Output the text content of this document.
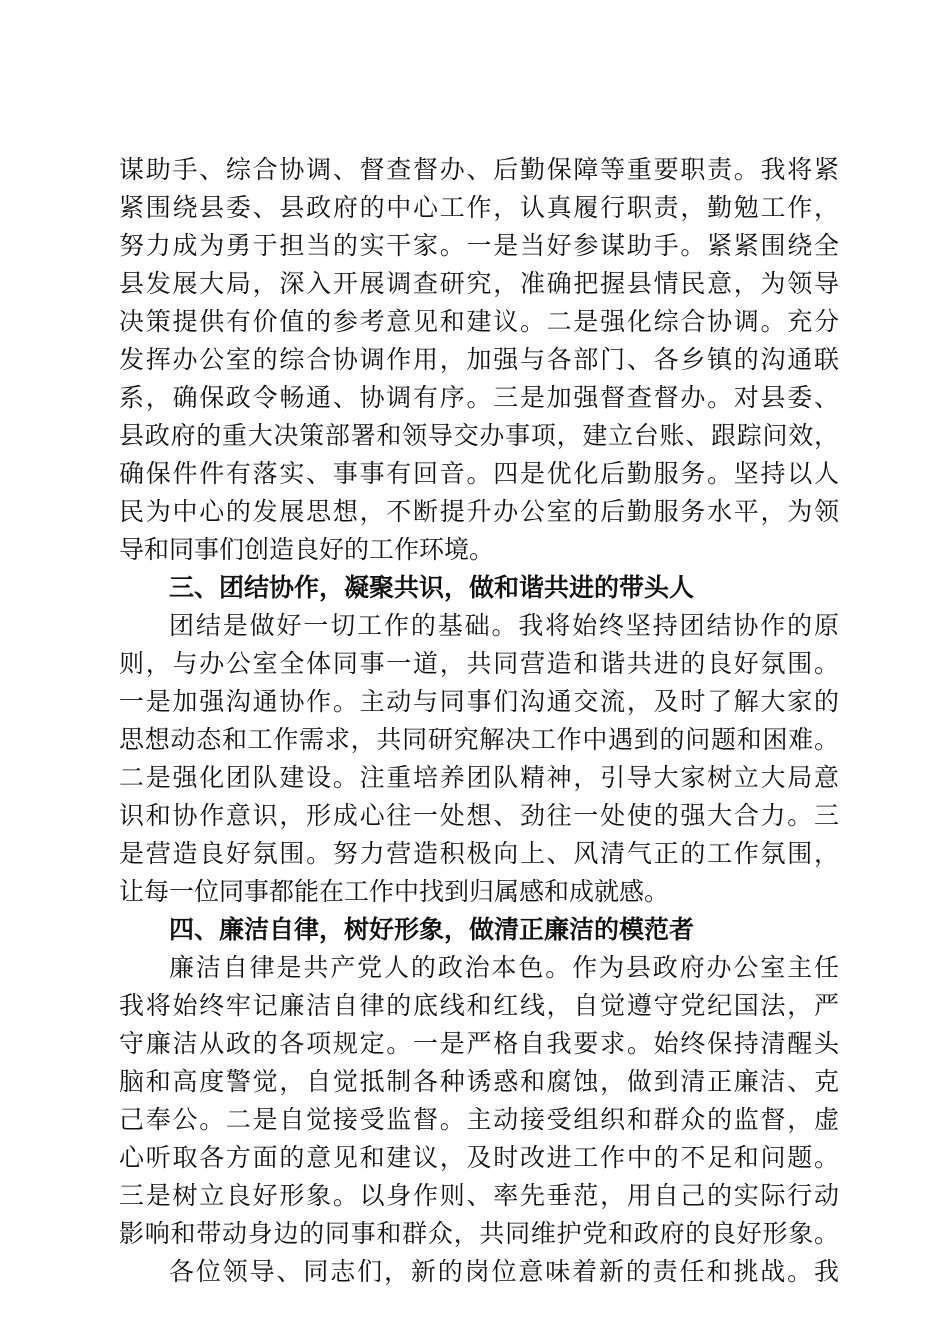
谋助手、综合协调、督查督办、后勤保障等重要职责。我将紧
紧围绕县委、县政府的中心工作，认真履行职责，勤勉工作，
努力成为勇于担当的实干家。一是当好参谋助手。紧紧围绕全
县发展大局，深入开展调查研究，准确把握县情民意，为领导
决策提供有价值的参考意见和建议。二是强化综合协调。充分
发挥办公室的综合协调作用，加强与各部门、各乡镇的沟通联
系，确保政令畅通、协调有序。三是加强督查督办。对县委、
县政府的重大决策部署和领导交办事项，建立台账、跟踪问效，
确保件件有落实、事事有回音。四是优化后勤服务。坚持以人
民为中心的发展思想，不断提升办公室的后勤服务水平，为领
导和同事们创造良好的工作环境。
三、团结协作，凝聚共识，做和谐共进的带头人
团结是做好一切工作的基础。我将始终坚持团结协作的原
则，与办公室全体同事一道，共同营造和谐共进的良好氛围。
一是加强沟通协作。主动与同事们沟通交流，及时了解大家的
思想动态和工作需求，共同研究解决工作中遇到的问题和困难。
二是强化团队建设。注重培养团队精神，引导大家树立大局意
识和协作意识，形成心往一处想、劲往一处使的强大合力。三
是营造良好氛围。努力营造积极向上、风清气正的工作氛围，
让每一位同事都能在工作中找到归属感和成就感。
四、廉洁自律，树好形象，做清正廉洁的模范者
廉洁自律是共产党人的政治本色。作为县政府办公室主任
我将始终牢记廉洁自律的底线和红线，自觉遵守党纪国法，严
守廉洁从政的各项规定。一是严格自我要求。始终保持清醒头
脑和高度警觉，自觉抵制各种诱惑和腐蚀，做到清正廉洁、克
己奉公。二是自觉接受监督。主动接受组织和群众的监督，虚
心听取各方面的意见和建议，及时改进工作中的不足和问题。
三是树立良好形象。以身作则、率先垂范，用自己的实际行动
影响和带动身边的同事和群众，共同维护党和政府的良好形象。
各位领导、同志们，新的岗位意味着新的责任和挑战。我
